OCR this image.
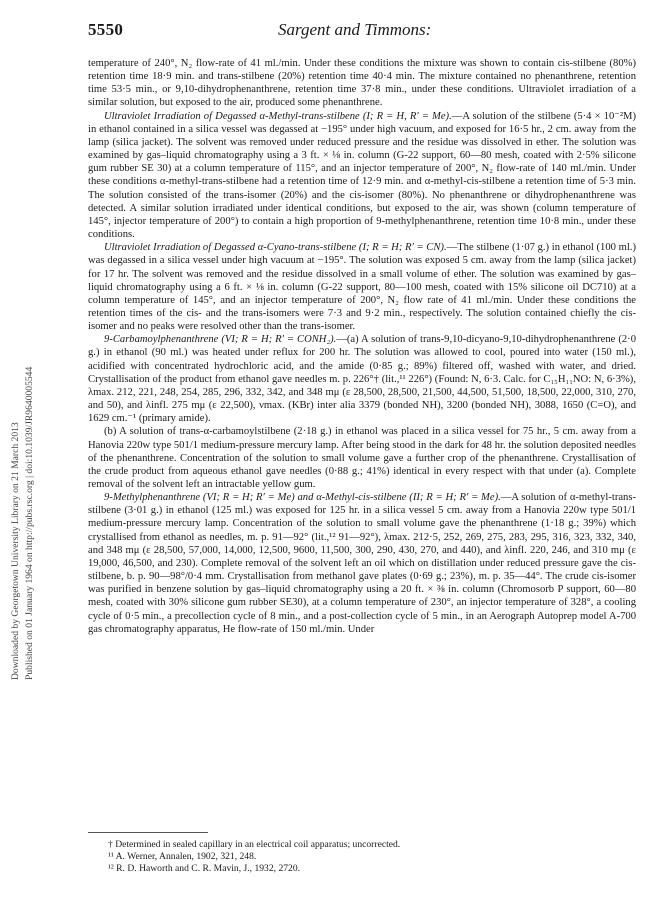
5550	Sargent and Timmons:
Downloaded by Georgetown University Library on 21 March 2013 Published on 01 January 1964 on http://pubs.rsc.org | doi:10.1039/JR9640005544

temperature of 240°, N₂ flow-rate of 41 ml./min. Under these conditions the mixture was shown to contain cis-stilbene (80%) retention time 18·9 min. and trans-stilbene (20%) retention time 40·4 min. The mixture contained no phenanthrene, retention time 53·5 min., or 9,10-dihydrophenanthrene, retention time 37·8 min., under these conditions. Ultraviolet irradiation of a similar solution, but exposed to the air, produced some phenanthrene.

Ultraviolet Irradiation of Degassed α-Methyl-trans-stilbene (I; R = H, R′ = Me).—A solution of the stilbene (5·4 × 10⁻²M) in ethanol contained in a silica vessel was degassed at −195° under high vacuum, and exposed for 16·5 hr., 2 cm. away from the lamp (silica jacket). The solvent was removed under reduced pressure and the residue was dissolved in ether. The solution was examined by gas–liquid chromatography using a 3 ft. × ⅛ in. column (G-22 support, 60—80 mesh, coated with 2·5% silicone gum rubber SE 30) at a column temperature of 115°, and an injector temperature of 200°, N₂ flow-rate of 140 ml./min. Under these conditions α-methyl-trans-stilbene had a retention time of 12·9 min. and α-methyl-cis-stilbene a retention time of 5·3 min. The solution consisted of the trans-isomer (20%) and the cis-isomer (80%). No phenanthrene or dihydrophenanthrene was detected. A similar solution irradiated under identical conditions, but exposed to the air, was shown (column temperature of 145°, injector temperature of 200°) to contain a high proportion of 9-methylphenanthrene, retention time 10·8 min., under these conditions.

Ultraviolet Irradiation of Degassed α-Cyano-trans-stilbene (I; R = H; R′ = CN).—The stilbene (1·07 g.) in ethanol (100 ml.) was degassed in a silica vessel under high vacuum at −195°. The solution was exposed 5 cm. away from the lamp (silica jacket) for 17 hr. The solvent was removed and the residue dissolved in a small volume of ether. The solution was examined by gas–liquid chromatography using a 6 ft. × ⅛ in. column (G-22 support, 80—100 mesh, coated with 15% silicone oil DC710) at a column temperature of 145°, and an injector temperature of 200°, N₂ flow rate of 41 ml./min. Under these conditions the retention times of the cis- and the trans-isomers were 7·3 and 9·2 min., respectively. The solution contained chiefly the cis-isomer and no peaks were resolved other than the trans-isomer.

9-Carbamoylphenanthrene (VI; R = H; R′ = CONH₂).—(a) A solution of trans-9,10-dicyano-9,10-dihydrophenanthrene (2·0 g.) in ethanol (90 ml.) was heated under reflux for 200 hr. The solution was allowed to cool, poured into water (150 ml.), acidified with concentrated hydrochloric acid, and the amide (0·85 g.; 89%) filtered off, washed with water, and dried. Crystallisation of the product from ethanol gave needles m. p. 226°† (lit.,¹¹ 226°) (Found: N, 6·3. Calc. for C₁₅H₁₁NO: N, 6·3%), λmax. 212, 221, 248, 254, 285, 296, 332, 342, and 348 mμ (ε 28,500, 28,500, 21,500, 44,500, 51,500, 18,500, 22,000, 310, 270, and 50), and λinfl. 275 mμ (ε 22,500), νmax. (KBr) inter alia 3379 (bonded NH), 3200 (bonded NH), 3088, 1650 (C=O), and 1629 cm.⁻¹ (primary amide).

(b) A solution of trans-α-carbamoylstilbene (2·18 g.) in ethanol was placed in a silica vessel for 75 hr., 5 cm. away from a Hanovia 220w type 501/1 medium-pressure mercury lamp. After being stood in the dark for 48 hr. the solution deposited needles of the phenanthrene. Concentration of the solution to small volume gave a further crop of the phenanthrene. Crystallisation of the crude product from aqueous ethanol gave needles (0·88 g.; 41%) identical in every respect with that under (a). Complete removal of the solvent left an intractable yellow gum.

9-Methylphenanthrene (VI; R = H; R′ = Me) and α-Methyl-cis-stilbene (II; R = H; R′ = Me).—A solution of α-methyl-trans-stilbene (3·01 g.) in ethanol (125 ml.) was exposed for 125 hr. in a silica vessel 5 cm. away from a Hanovia 220w type 501/1 medium-pressure mercury lamp. Concentration of the solution to small volume gave the phenanthrene (1·18 g.; 39%) which crystallised from ethanol as needles, m. p. 91—92° (lit.,¹² 91—92°), λmax. 212·5, 252, 269, 275, 283, 295, 316, 323, 332, 340, and 348 mμ (ε 28,500, 57,000, 14,000, 12,500, 9600, 11,500, 300, 290, 430, 270, and 440), and λinfl. 220, 246, and 310 mμ (ε 19,000, 46,500, and 230). Complete removal of the solvent left an oil which on distillation under reduced pressure gave the cis-stilbene, b. p. 90—98°/0·4 mm. Crystallisation from methanol gave plates (0·69 g.; 23%), m. p. 35—44°. The crude cis-isomer was purified in benzene solution by gas–liquid chromatography using a 20 ft. × ⅜ in. column (Chromosorb P support, 60—80 mesh, coated with 30% silicone gum rubber SE30), at a column temperature of 230°, an injector temperature of 328°, a cooling cycle of 0·5 min., a precollection cycle of 8 min., and a post-collection cycle of 5 min., in an Aerograph Autoprep model A-700 gas chromatography apparatus, He flow-rate of 150 ml./min. Under

† Determined in sealed capillary in an electrical coil apparatus; uncorrected.

¹¹ A. Werner, Annalen, 1902, 321, 248.

¹² R. D. Haworth and C. R. Mavin, J., 1932, 2720.
